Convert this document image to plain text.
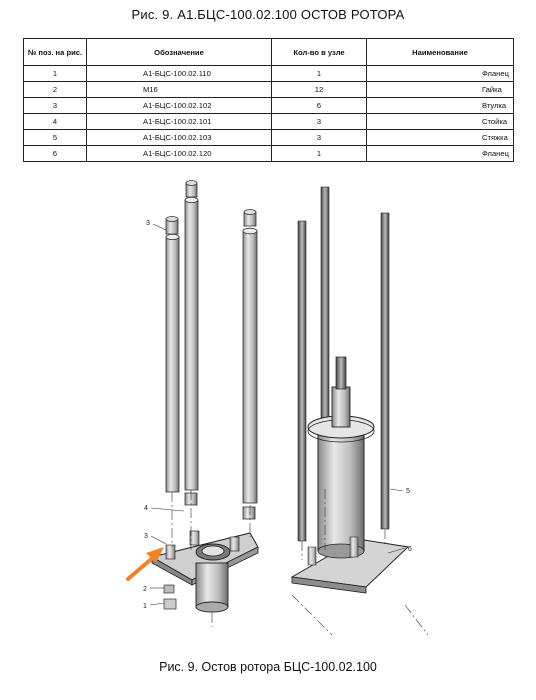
Рис. 9. А1.БЦС-100.02.100 ОСТОВ РОТОРА
№ поз. на рис.	Обозначение	Кол-во в узле	Наименование
1	А1-БЦС-100.02.110	1	Фланец
2	М16	12	Гайка
3	А1-БЦС-100.02.102	6	Втулка
4	А1-БЦС-100.02.101	3	Стойка
5	А1-БЦС-100.02.103	3	Стяжка
6	А1-БЦС-100.02.120	1	Фланец
3
4
3
2
1
5
6
Рис. 9. Остов ротора БЦС-100.02.100
